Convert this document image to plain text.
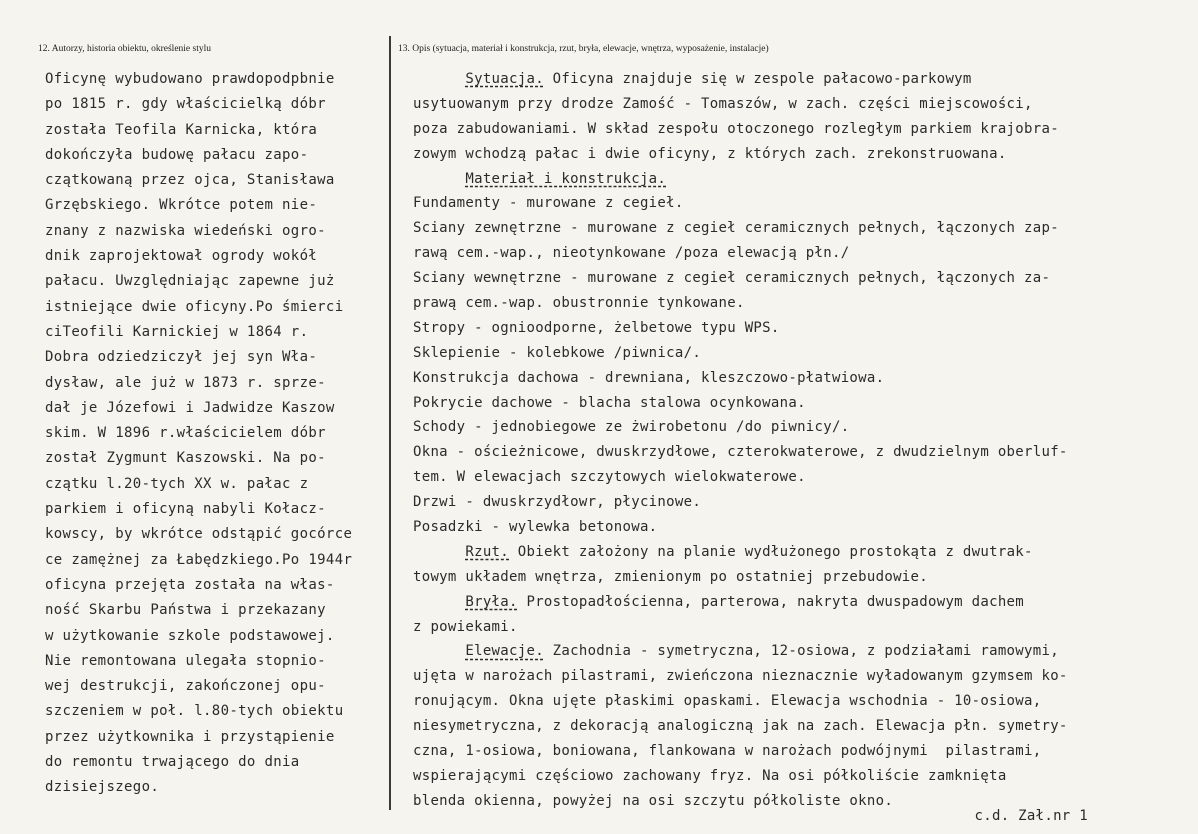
12. Autorzy, historia obiektu, określenie stylu	13. Opis (sytuacja, materiał i konstrukcja, rzut, bryła, elewacje, wnętrza, wyposażenie, instalacje)
Oficynę wybudowano prawdopodpbnie
po 1815 r. gdy właścicielką dóbr
została Teofila Karnicka, która
dokończyła budowę pałacu zapo-
czątkowaną przez ojca, Stanisława
Grzębskiego. Wkrótce potem nie-
znany z nazwiska wiedeński ogro-
dnik zaprojektował ogrody wokół
pałacu. Uwzględniając zapewne już
istniejące dwie oficyny.Po śmierci
ciTeofili Karnickiej w 1864 r.
Dobra odziedziczył jej syn Wła-
dysław, ale już w 1873 r. sprze-
dał je Józefowi i Jadwidze Kaszow
skim. W 1896 r.właścicielem dóbr
został Zygmunt Kaszowski. Na po-
czątku l.20-tych XX w. pałac z
parkiem i oficyną nabyli Kołacz-
kowscy, by wkrótce odstąpić gocórce
ce zamężnej za Łabędzkiego.Po 1944r
oficyna przejęta została na włas-
ność Skarbu Państwa i przekazany
w użytkowanie szkole podstawowej.
Nie remontowana ulegała stopnio-
wej destrukcji, zakończonej opu-
szczeniem w poł. l.80-tych obiektu
przez użytkownika i przystąpienie
do remontu trwającego do dnia
dzisiejszego.
Sytuacja. Oficyna znajduje się w zespole pałacowo-parkowym
usytuowanym przy drodze Zamość - Tomaszów, w zach. części miejscowości,
poza zabudowaniami. W skład zespołu otoczonego rozległym parkiem krajobra-
zowym wchodzą pałac i dwie oficyny, z których zach. zrekonstruowana.
Materiał i konstrukcja.
Fundamenty - murowane z cegieł.
Sciany zewnętrzne - murowane z cegieł ceramicznych pełnych, łączonych zap-
rawą cem.-wap., nieotynkowane /poza elewacją płn./
Sciany wewnętrzne - murowane z cegieł ceramicznych pełnych, łączonych za-
prawą cem.-wap. obustronnie tynkowane.
Stropy - ognioodporne, żelbetowe typu WPS.
Sklepienie - kolebkowe /piwnica/.
Konstrukcja dachowa - drewniana, kleszczowo-płatwiowa.
Pokrycie dachowe - blacha stalowa ocynkowana.
Schody - jednobiegowe ze żwirobetonu /do piwnicy/.
Okna - ościeżnicowe, dwuskrzydłowe, czterokwaterowe, z dwudzielnym oberluf-
tem. W elewacjach szczytowych wielokwaterowe.
Drzwi - dwuskrzydłowr, płycinowe.
Posadzki - wylewka betonowa.
Rzut. Obiekt założony na planie wydłużonego prostokąta z dwutrak-
towym układem wnętrza, zmienionym po ostatniej przebudowie.
Bryła. Prostopadłościenna, parterowa, nakryta dwuspadowym dachem
z powiekami.
Elewacje. Zachodnia - symetryczna, 12-osiowa, z podziałami ramowymi,
ujęta w narożach pilastrami, zwieńczona nieznacznie wyładowanym gzymsem ko-
ronującym. Okna ujęte płaskimi opaskami. Elewacja wschodnia - 10-osiowa,
niesymetryczna, z dekoracją analogiczną jak na zach. Elewacja płn. symetry-
czna, 1-osiowa, boniowana, flankowana w narożach podwójnymi  pilastrami,
wspierającymi częściowo zachowany fryz. Na osi półkoliście zamknięta
blenda okienna, powyżej na osi szczytu półkoliste okno.
c.d. Zał.nr 1
